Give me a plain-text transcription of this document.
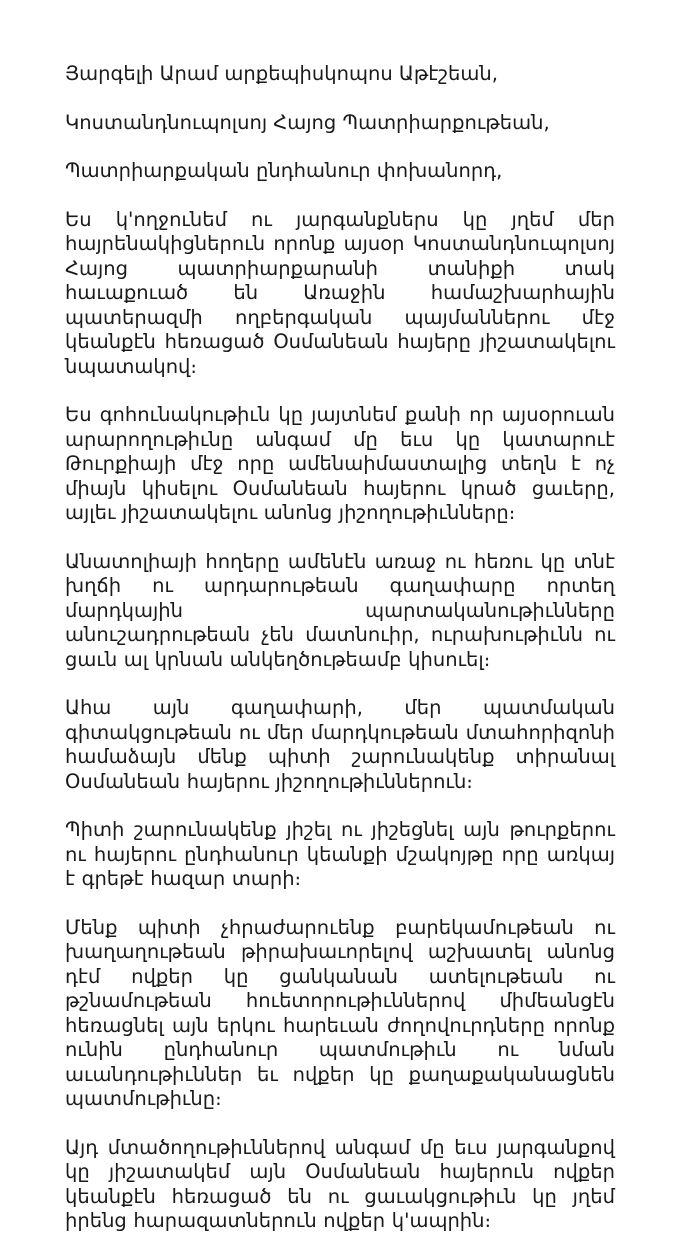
Յարգելի Արամ արքեպիսկոպոս Աթէշեան,
Կոստանդնուպոլսոյ Հայոց Պատրիարքութեան,
Պատրիարքական ընդհանուր փոխանորդ,

Ես կ'ողջունեմ ու յարգանքներս կը յղեմ մեր հայրենակիցներուն որոնք այսօր Կոստանդնուպոլսոյ Հայոց պատրիարքարանի տանիքի տակ հաւաքուած են Առաջին համաշխարհային պատերազմի ողբերգական պայմաններու մէջ կեանքէն հեռացած Օսմանեան հայերը յիշատակելու նպատակով։

Ես գոհունակութիւն կը յայտնեմ քանի որ այսօրուան արարողութիւնը անգամ մը եւս կը կատարուէ Թուրքիայի մէջ որը ամենաիմաստալից տեղն է ոչ միայն կիսելու Օսմանեան հայերու կրած ցաւերը, այլեւ յիշատակելու անոնց յիշողութիւնները։

Անատոլիայի հողերը ամենէն առաջ ու հեռու կը տնէ խղճի ու արդարութեան գաղափարը որտեղ մարդկային պարտականութիւնները անուշադրութեան չեն մատնուիր, ուրախութիւնն ու ցաւն ալ կրնան անկեղծութեամբ կիսուել։

Ահա այն գաղափարի, մեր պատմական գիտակցութեան ու մեր մարդկութեան մտահորիզոնի համաձայն մենք պիտի շարունակենք տիրանալ Օսմանեան հայերու յիշողութիւններուն։

Պիտի շարունակենք յիշել ու յիշեցնել այն թուրքերու ու հայերու ընդհանուր կեանքի մշակոյթը որը առկայ է գրեթէ հազար տարի։

Մենք պիտի չհրաժարուենք բարեկամութեան ու խաղաղութեան թիրախաւորելով աշխատել անոնց դէմ ովքեր կը ցանկանան ատելութեան ու թշնամութեան հուետորութիւններով միմեանցէն հեռացնել այն երկու հարեւան ժողովուրդները որոնք ունին ընդհանուր պատմութիւն ու նման աւանդութիւններ եւ ովքեր կը քաղաքականացնեն պատմութիւնը։

Այդ մտածողութիւններով անգամ մը եւս յարգանքով կը յիշատակեմ այն Օսմանեան հայերուն ովքեր կեանքէն հեռացած են ու ցաւակցութիւն կը յղեմ իրենց հարազատներուն ովքեր կ'ապրին։
